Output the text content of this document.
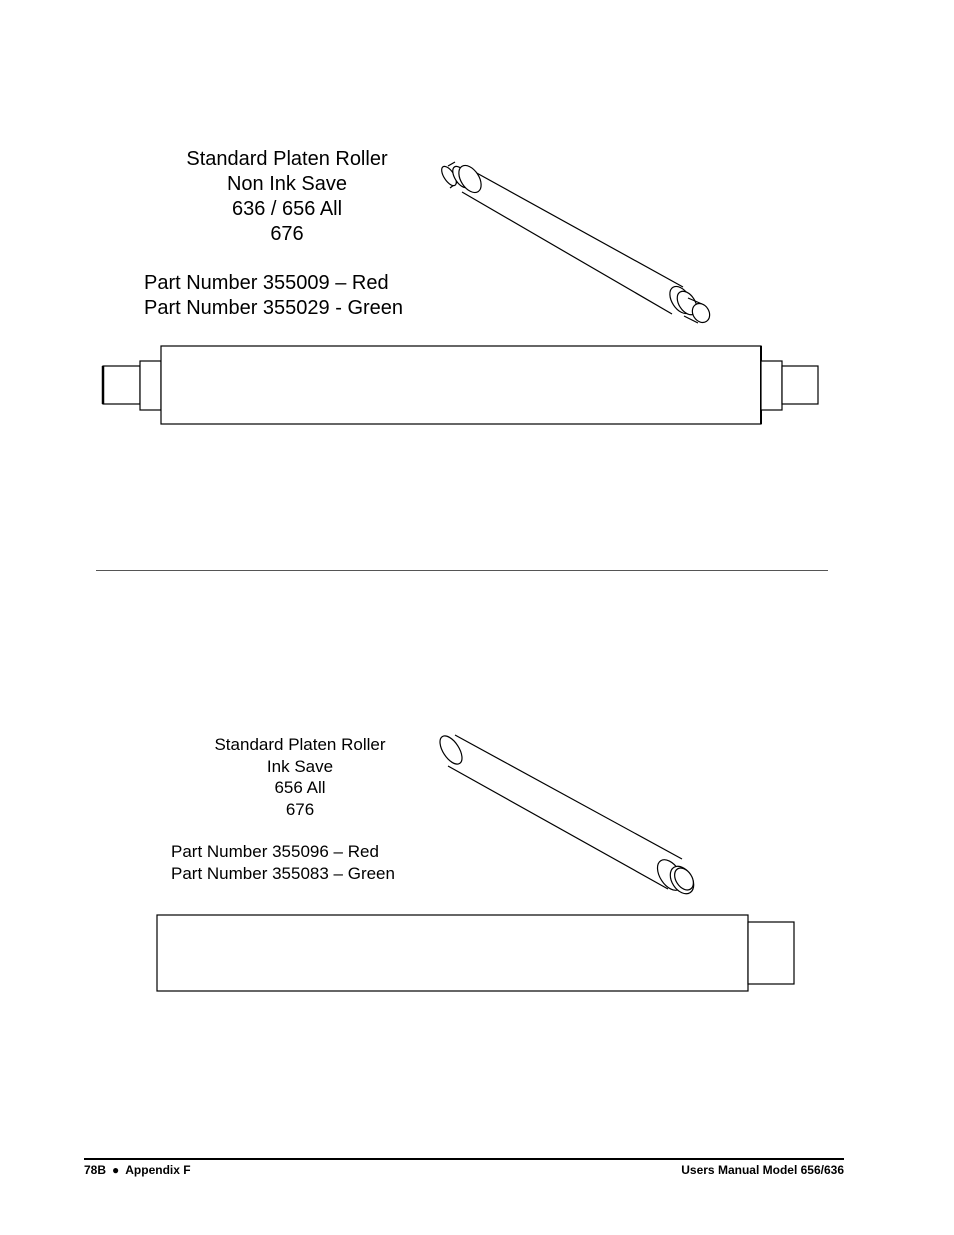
Standard Platen Roller
Non Ink Save
636 / 656 All
676
Part Number 355009 – Red
Part Number 355029 - Green
Standard Platen Roller
Ink Save
656 All
676
Part Number 355096 – Red
Part Number 355083 – Green
78B ● Appendix F	Users Manual Model 656/636
